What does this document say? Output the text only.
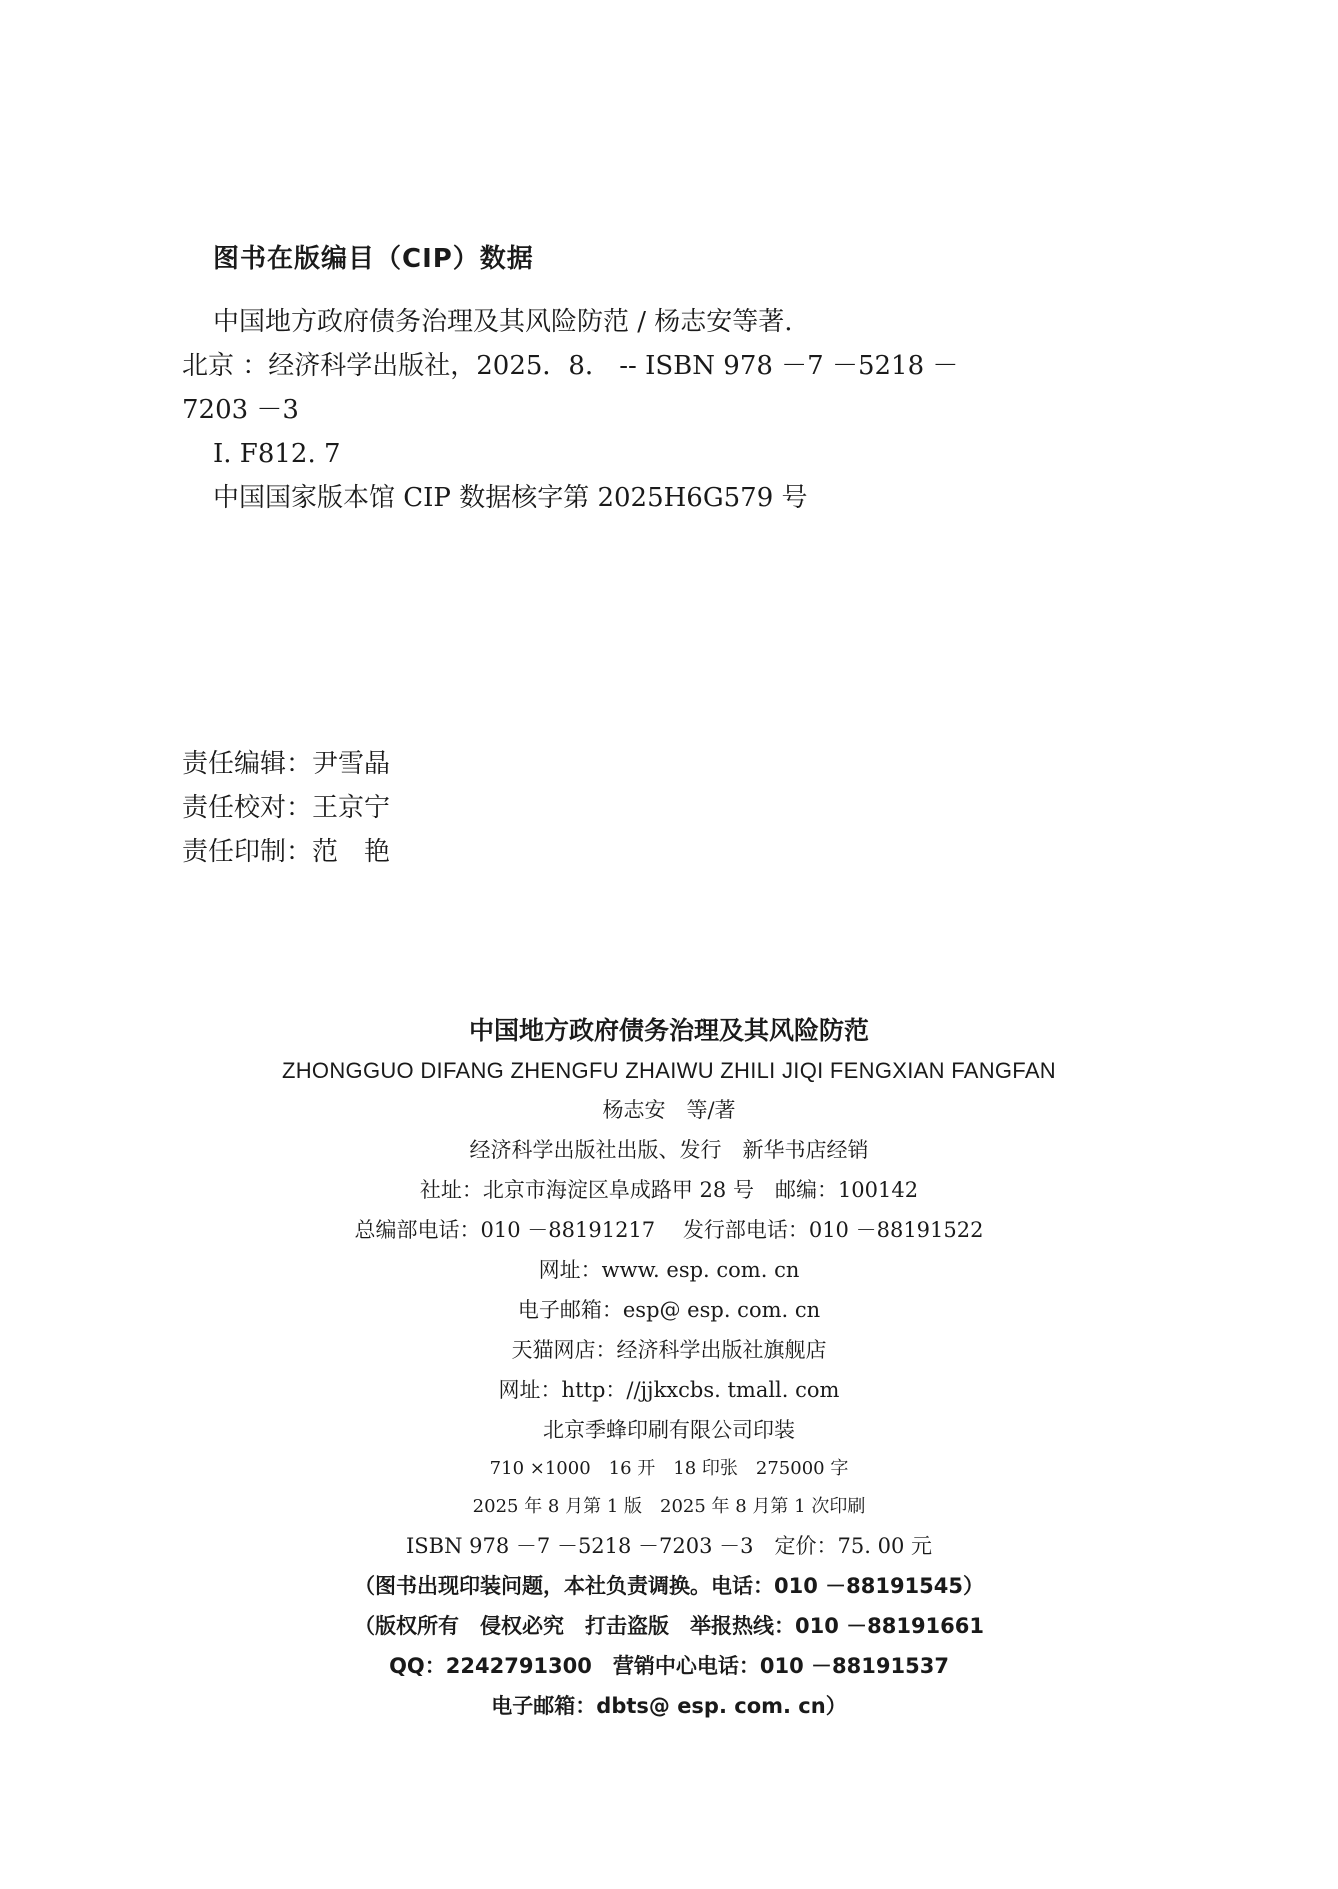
图书在版编目（CIP）数据
中国地方政府债务治理及其风险防范 / 杨志安等著.
北京 ：经济科学出版社，2025．8． -- ISBN 978 －7 －5218 －
7203 －3
Ⅰ. F812. 7
中国国家版本馆 CIP 数据核字第 2025H6G579 号
责任编辑：尹雪晶
责任校对：王京宁
责任印制：范　艳
中国地方政府债务治理及其风险防范
ZHONGGUO DIFANG ZHENGFU ZHAIWU ZHILI JIQI FENGXIAN FANGFAN
杨志安　等/著
经济科学出版社出版、发行　新华书店经销
社址：北京市海淀区阜成路甲 28 号　邮编：100142
总编部电话：010 －88191217　 发行部电话：010 －88191522
网址：www. esp. com. cn
电子邮箱：esp@ esp. com. cn
天猫网店：经济科学出版社旗舰店
网址：http：//jjkxcbs. tmall. com
北京季蜂印刷有限公司印装
710 ×1000　16 开　18 印张　275000 字
2025 年 8 月第 1 版　2025 年 8 月第 1 次印刷
ISBN 978 －7 －5218 －7203 －3　定价：75. 00 元
（图书出现印装问题，本社负责调换。电话：010 －88191545）
（版权所有　侵权必究　打击盗版　举报热线：010 －88191661
QQ：2242791300　营销中心电话：010 －88191537
电子邮箱：dbts@ esp. com. cn）
